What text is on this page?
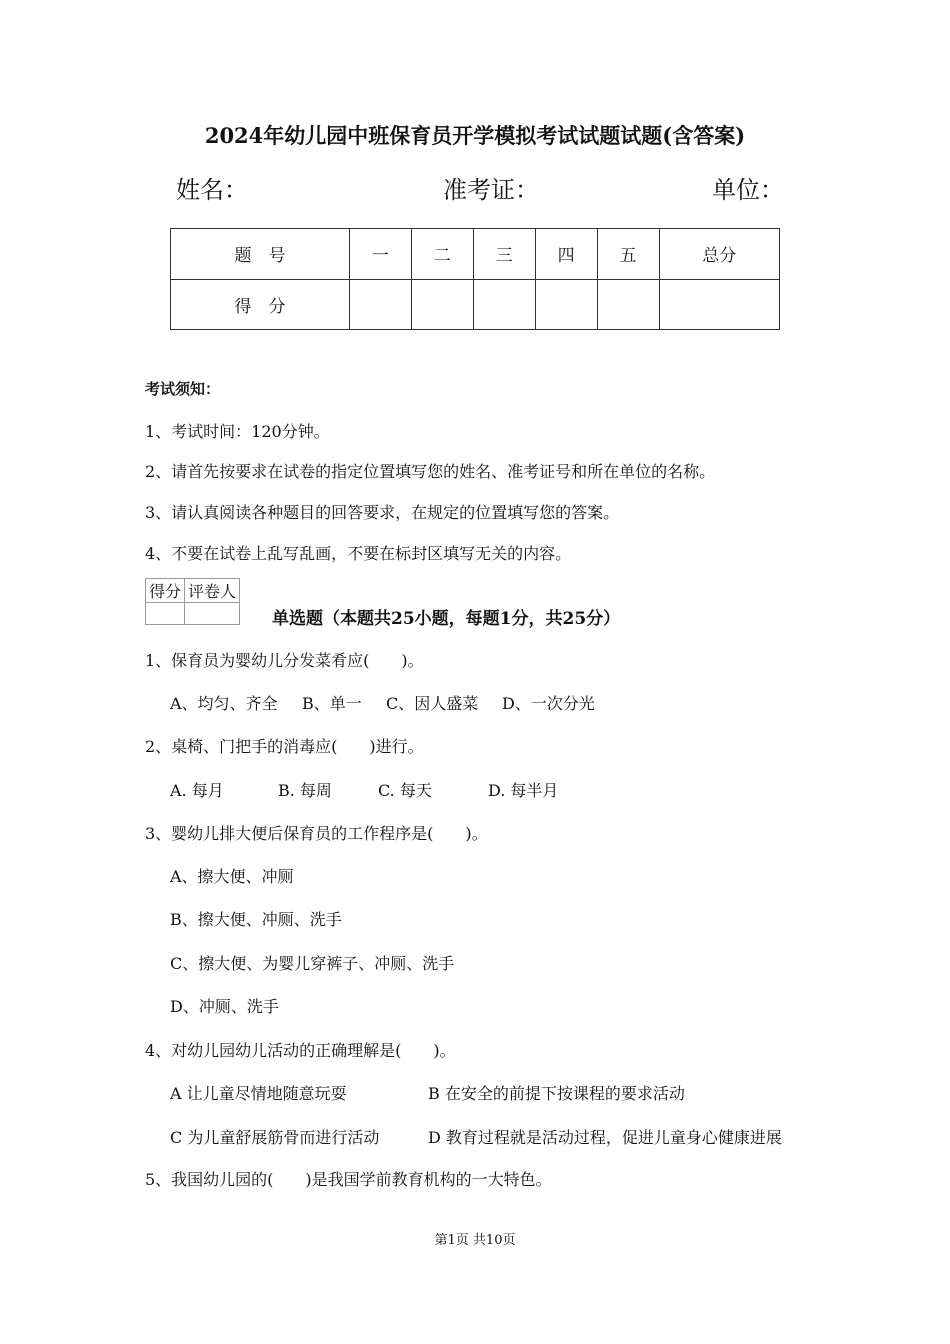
2024年幼儿园中班保育员开学模拟考试试题试题(含答案)
姓名：	准考证：	单位：
题　号	一	二	三	四	五	总分
得　分						
考试须知：
1、考试时间：120分钟。
2、请首先按要求在试卷的指定位置填写您的姓名、准考证号和所在单位的名称。
3、请认真阅读各种题目的回答要求，在规定的位置填写您的答案。
4、不要在试卷上乱写乱画，不要在标封区填写无关的内容。
得分	评卷人

单选题（本题共25小题，每题1分，共25分）
1、保育员为婴幼儿分发菜肴应(　　)。
A、均匀、齐全 B、单一 C、因人盛菜 D、一次分光
2、桌椅、门把手的消毒应(　　)进行。
A. 每月	B. 每周	C. 每天	D. 每半月
3、婴幼儿排大便后保育员的工作程序是(　　)。
A、擦大便、冲厕
B、擦大便、冲厕、洗手
C、擦大便、为婴儿穿裤子、冲厕、洗手
D、冲厕、洗手
4、对幼儿园幼儿活动的正确理解是(　　)。
A 让儿童尽情地随意玩耍	B 在安全的前提下按课程的要求活动
C 为儿童舒展筋骨而进行活动	D 教育过程就是活动过程，促进儿童身心健康进展
5、我国幼儿园的(　　)是我国学前教育机构的一大特色。
第1页 共10页
